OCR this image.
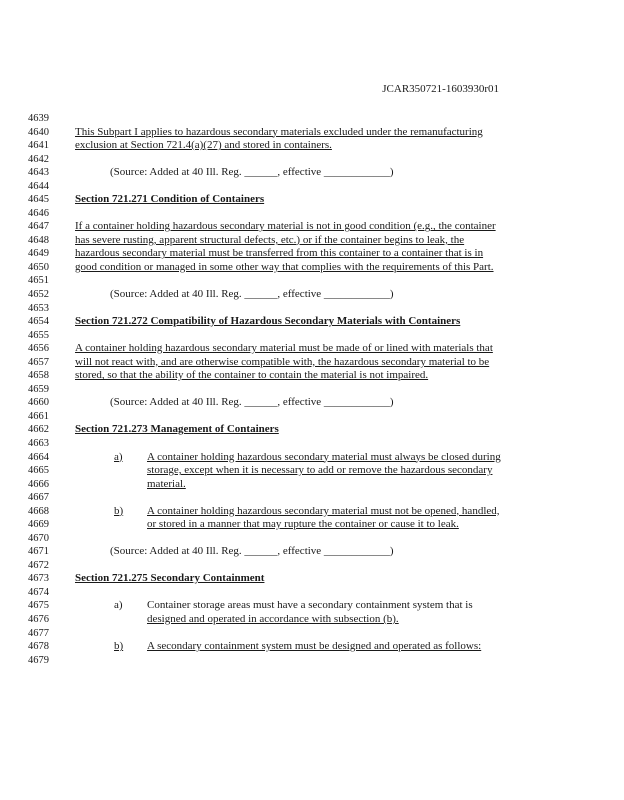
JCAR350721-1603930r01
4639
4640	This Subpart I applies to hazardous secondary materials excluded under the remanufacturing
4641	exclusion at Section 721.4(a)(27) and stored in containers.
4642
4643	(Source: Added at 40 Ill. Reg. ______, effective ____________)
4644
4645	Section 721.271 Condition of Containers
4646
4647	If a container holding hazardous secondary material is not in good condition (e.g., the container
4648	has severe rusting, apparent structural defects, etc.) or if the container begins to leak, the
4649	hazardous secondary material must be transferred from this container to a container that is in
4650	good condition or managed in some other way that complies with the requirements of this Part.
4651
4652	(Source: Added at 40 Ill. Reg. ______, effective ____________)
4653
4654	Section 721.272 Compatibility of Hazardous Secondary Materials with Containers
4655
4656	A container holding hazardous secondary material must be made of or lined with materials that
4657	will not react with, and are otherwise compatible with, the hazardous secondary material to be
4658	stored, so that the ability of the container to contain the material is not impaired.
4659
4660	(Source: Added at 40 Ill. Reg. ______, effective ____________)
4661
4662	Section 721.273 Management of Containers
4663
4664	a) A container holding hazardous secondary material must always be closed during
4665	storage, except when it is necessary to add or remove the hazardous secondary
4666	material.
4667
4668	b) A container holding hazardous secondary material must not be opened, handled,
4669	or stored in a manner that may rupture the container or cause it to leak.
4670
4671	(Source: Added at 40 Ill. Reg. ______, effective ____________)
4672
4673	Section 721.275 Secondary Containment
4674
4675	a) Container storage areas must have a secondary containment system that is
4676	designed and operated in accordance with subsection (b).
4677
4678	b) A secondary containment system must be designed and operated as follows:
4679
